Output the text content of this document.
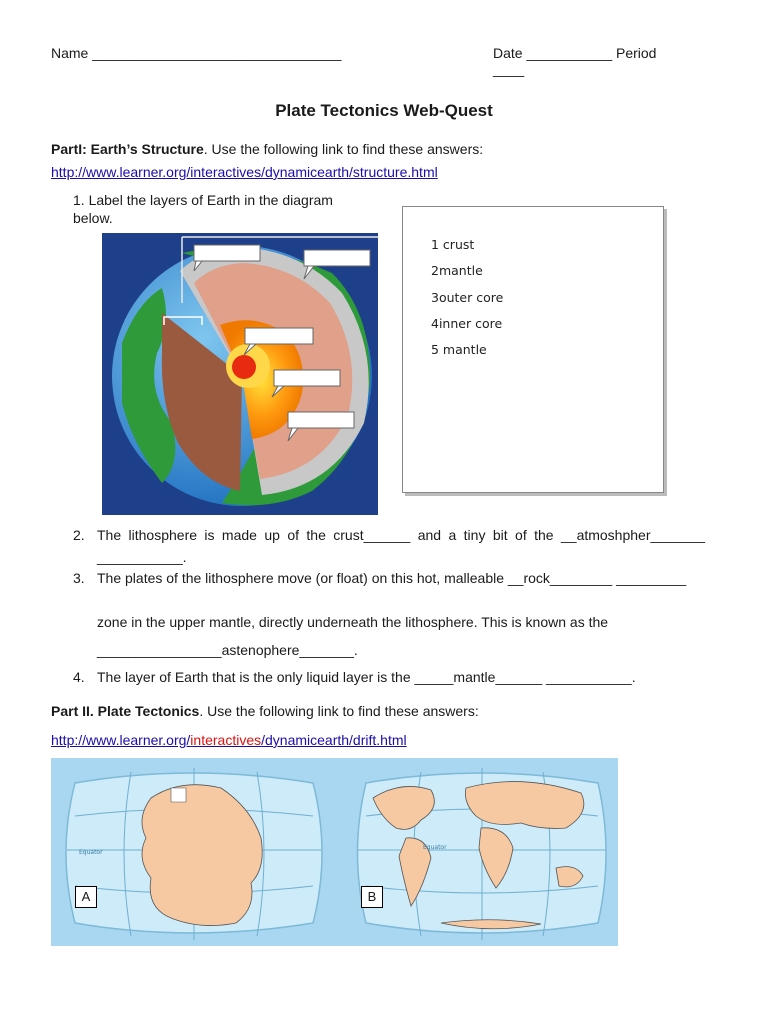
Name ________________________________	Date ___________ Period ____
Plate Tectonics Web-Quest
PartI: Earth’s Structure. Use the following link to find these answers:
http://www.learner.org/interactives/dynamicearth/structure.html
1. Label the layers of Earth in the diagram
below.
1 crust
2mantle
3outer core
4inner core
5 mantle
2. The lithosphere is made up of the crust______ and a tiny bit of the __atmoshpher_______ ___________.
3. The plates of the lithosphere move (or float) on this hot, malleable __rock________ _________
zone in the upper mantle, directly underneath the lithosphere. This is known as the
________________astenophere_______.
4. The layer of Earth that is the only liquid layer is the _____mantle______ ___________.
Part II. Plate Tectonics. Use the following link to find these answers:
http://www.learner.org/interactives/dynamicearth/drift.html
Equator
Equator
A	B
